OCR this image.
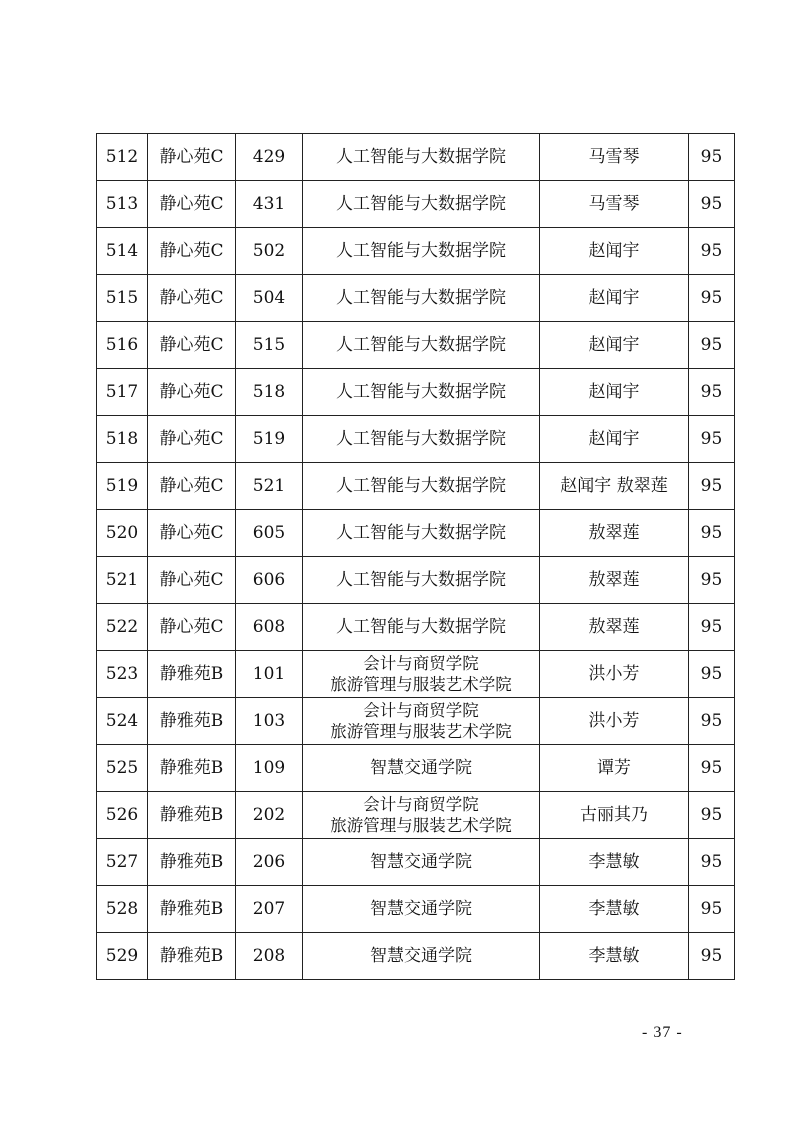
512	静心苑C	429	人工智能与大数据学院	马雪琴	95
513	静心苑C	431	人工智能与大数据学院	马雪琴	95
514	静心苑C	502	人工智能与大数据学院	赵闻宇	95
515	静心苑C	504	人工智能与大数据学院	赵闻宇	95
516	静心苑C	515	人工智能与大数据学院	赵闻宇	95
517	静心苑C	518	人工智能与大数据学院	赵闻宇	95
518	静心苑C	519	人工智能与大数据学院	赵闻宇	95
519	静心苑C	521	人工智能与大数据学院	赵闻宇 敖翠莲	95
520	静心苑C	605	人工智能与大数据学院	敖翠莲	95
521	静心苑C	606	人工智能与大数据学院	敖翠莲	95
522	静心苑C	608	人工智能与大数据学院	敖翠莲	95
523	静雅苑B	101	会计与商贸学院
旅游管理与服装艺术学院	洪小芳	95
524	静雅苑B	103	会计与商贸学院
旅游管理与服装艺术学院	洪小芳	95
525	静雅苑B	109	智慧交通学院	谭芳	95
526	静雅苑B	202	会计与商贸学院
旅游管理与服装艺术学院	古丽其乃	95
527	静雅苑B	206	智慧交通学院	李慧敏	95
528	静雅苑B	207	智慧交通学院	李慧敏	95
529	静雅苑B	208	智慧交通学院	李慧敏	95
- 37 -
